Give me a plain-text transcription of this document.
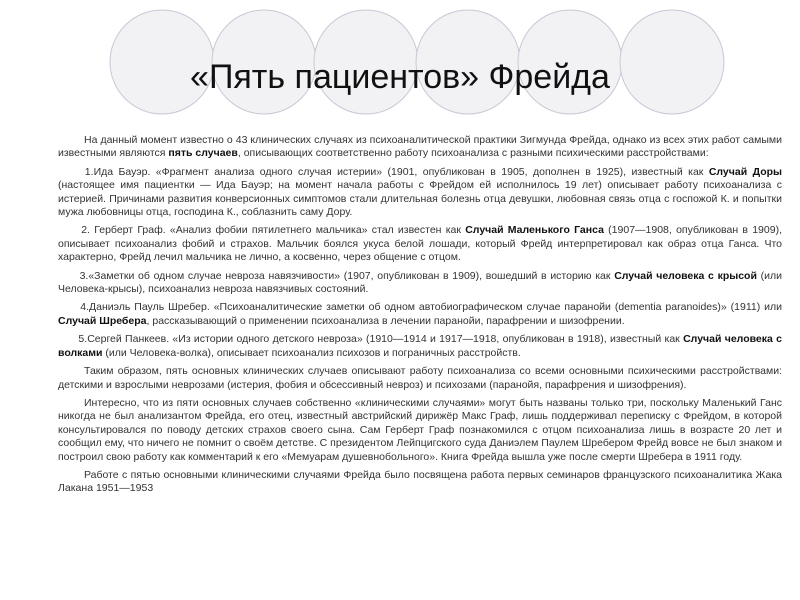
«Пять пациентов» Фрейда

На данный момент известно о 43 клинических случаях из психоаналитической практики Зигмунда Фрейда, однако из всех этих работ самыми известными являются пять случаев, описывающих соответственно работу психоанализа с разными психическими расстройствами:

    1.Ида Бауэр. «Фрагмент анализа одного случая истерии» (1901, опубликован в 1905, дополнен в 1925), известный как Случай Доры (настоящее имя пациентки — Ида Бауэр; на момент начала работы с Фрейдом ей исполнилось 19 лет) описывает работу психоанализа с истерией. Причинами развития конверсионных симптомов стали длительная болезнь отца девушки, любовная связь отца с госпожой К. и попытки мужа любовницы отца, господина К., соблазнить саму Дору.

    2. Герберт Граф. «Анализ фобии пятилетнего мальчика» стал известен как Случай Маленького Ганса (1907—1908, опубликован в 1909), описывает психоанализ фобий и страхов. Мальчик боялся укуса белой лошади, который Фрейд интерпретировал как образ отца Ганса. Что характерно, Фрейд лечил мальчика не лично, а косвенно, через общение с отцом.

    3.«Заметки об одном случае невроза навязчивости» (1907, опубликован в 1909), вошедший в историю как Случай человека с крысой (или Человека-крысы), психоанализ невроза навязчивых состояний.

    4.Даниэль Пауль Шребер. «Психоаналитические заметки об одном автобиографическом случае паранойи (dementia paranoides)» (1911) или Случай Шребера, рассказывающий о применении психоанализа в лечении паранойи, парафрении и шизофрении.

    5.Сергей Панкеев. «Из истории одного детского невроза» (1910—1914 и 1917—1918, опубликован в 1918), известный как Случай человека с волками (или Человека-волка), описывает психоанализ психозов и пограничных расстройств.

Таким образом, пять основных клинических случаев описывают работу психоанализа со всеми основными психическими расстройствами: детскими и взрослыми неврозами (истерия, фобия и обсессивный невроз) и психозами (паранойя, парафрения и шизофрения).

Интересно, что из пяти основных случаев собственно «клиническими случаями» могут быть названы только три, поскольку Маленький Ганс никогда не был анализантом Фрейда, его отец, известный австрийский дирижёр Макс Граф, лишь поддерживал переписку с Фрейдом, в которой консультировался по поводу детских страхов своего сына. Сам Герберт Граф познакомился с отцом психоанализа лишь в возрасте 20 лет и сообщил ему, что ничего не помнит о своём детстве. С президентом Лейпцигского суда Даниэлем Паулем Шребером Фрейд вовсе не был знаком и построил свою работу как комментарий к его «Мемуарам душевнобольного». Книга Фрейда вышла уже после смерти Шребера в 1911 году.

Работе с пятью основными клиническими случаями Фрейда было посвящена работа первых семинаров французского психоаналитика Жака Лакана 1951—1953
